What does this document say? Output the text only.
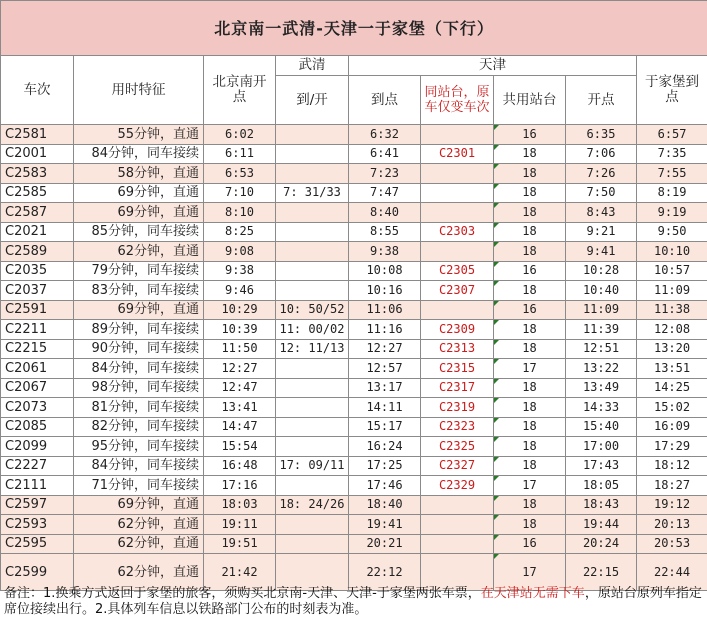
北京南一武清-天津一于家堡（下行）								
车次	用时特征	北京南开点	武清	天津				于家堡到点
			到/开	到点	同站台，原车仅变车次	共用站台	开点	
C2581	55分钟，直通	6:02		6:32		16	6:35	6:57
C2001	84分钟，同车接续	6:11		6:41	C2301	18	7:06	7:35
C2583	58分钟，直通	6:53		7:23		18	7:26	7:55
C2585	69分钟，直通	7:10	7: 31/33	7:47		18	7:50	8:19
C2587	69分钟，直通	8:10		8:40		18	8:43	9:19
C2021	85分钟，同车接续	8:25		8:55	C2303	18	9:21	9:50
C2589	62分钟，直通	9:08		9:38		18	9:41	10:10
C2035	79分钟，同车接续	9:38		10:08	C2305	16	10:28	10:57
C2037	83分钟，同车接续	9:46		10:16	C2307	18	10:40	11:09
C2591	69分钟，直通	10:29	10: 50/52	11:06		16	11:09	11:38
C2211	89分钟，同车接续	10:39	11: 00/02	11:16	C2309	18	11:39	12:08
C2215	90分钟，同车接续	11:50	12: 11/13	12:27	C2313	18	12:51	13:20
C2061	84分钟，同车接续	12:27		12:57	C2315	17	13:22	13:51
C2067	98分钟，同车接续	12:47		13:17	C2317	18	13:49	14:25
C2073	81分钟，同车接续	13:41		14:11	C2319	18	14:33	15:02
C2085	82分钟，同车接续	14:47		15:17	C2323	18	15:40	16:09
C2099	95分钟，同车接续	15:54		16:24	C2325	18	17:00	17:29
C2227	84分钟，同车接续	16:48	17: 09/11	17:25	C2327	18	17:43	18:12
C2111	71分钟，同车接续	17:16		17:46	C2329	17	18:05	18:27
C2597	69分钟，直通	18:03	18: 24/26	18:40		18	18:43	19:12
C2593	62分钟，直通	19:11		19:41		18	19:44	20:13
C2595	62分钟，直通	19:51		20:21		16	20:24	20:53
C2599	62分钟，直通	21:42		22:12		17	22:15	22:44
备注：1.换乘方式返回于家堡的旅客，须购买北京南-天津、天津-于家堡两张车票，在天津站无需下车，原站台原列车指定席位接续出行。2.具体列车信息以铁路部门公布的时刻表为准。
